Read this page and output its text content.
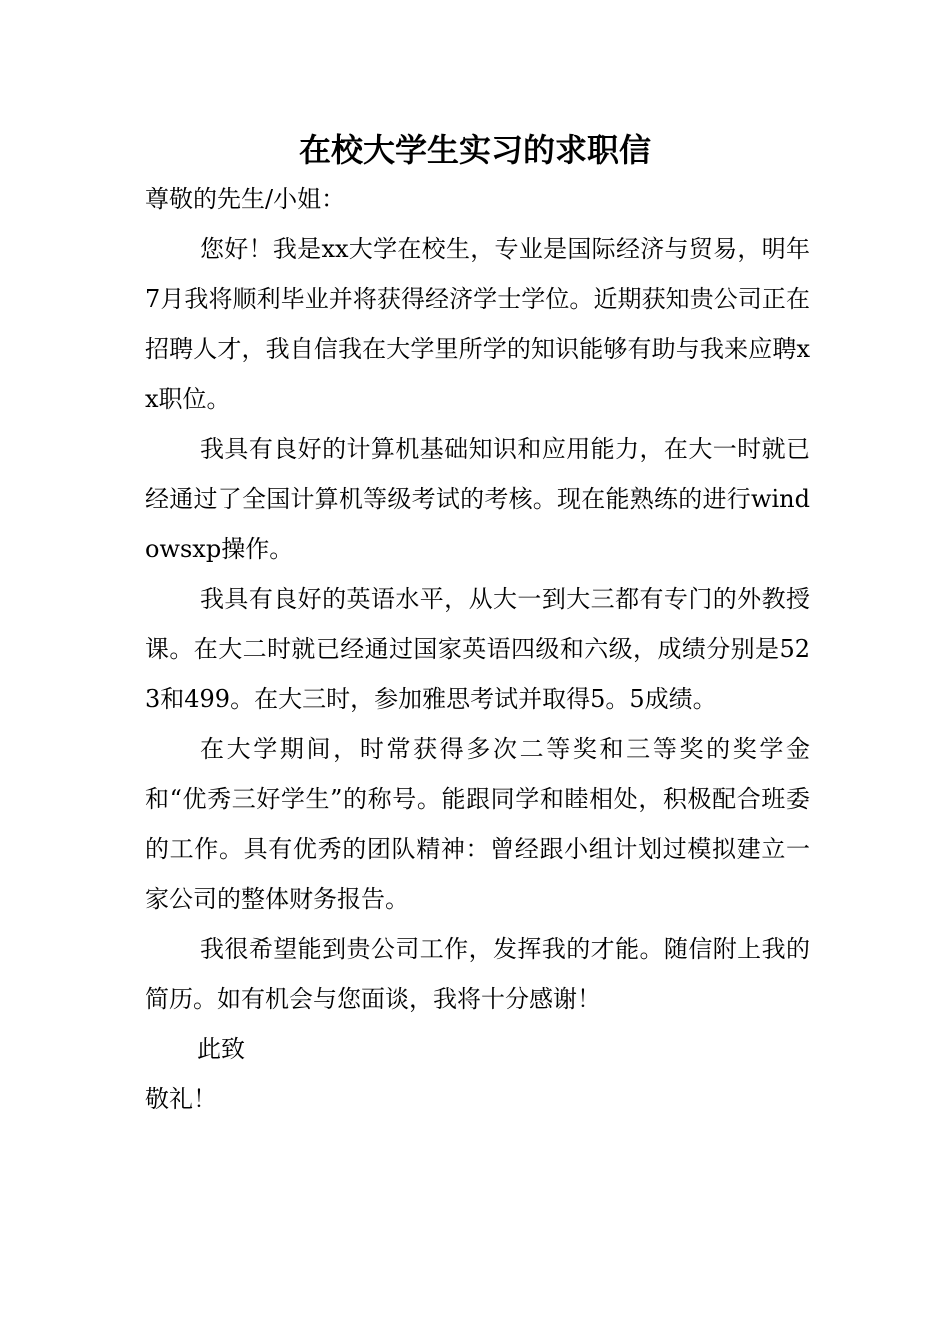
在校大学生实习的求职信

尊敬的先生/小姐：

您好！我是xx大学在校生，专业是国际经济与贸易，明年7月我将顺利毕业并将获得经济学士学位。近期获知贵公司正在招聘人才，我自信我在大学里所学的知识能够有助与我来应聘xx职位。

我具有良好的计算机基础知识和应用能力，在大一时就已经通过了全国计算机等级考试的考核。现在能熟练的进行windowsxp操作。

我具有良好的英语水平，从大一到大三都有专门的外教授课。在大二时就已经通过国家英语四级和六级，成绩分别是523和499。在大三时，参加雅思考试并取得5。5成绩。

在大学期间，时常获得多次二等奖和三等奖的奖学金和“优秀三好学生”的称号。能跟同学和睦相处，积极配合班委的工作。具有优秀的团队精神：曾经跟小组计划过模拟建立一家公司的整体财务报告。

我很希望能到贵公司工作，发挥我的才能。随信附上我的简历。如有机会与您面谈，我将十分感谢！

此致

敬礼！
